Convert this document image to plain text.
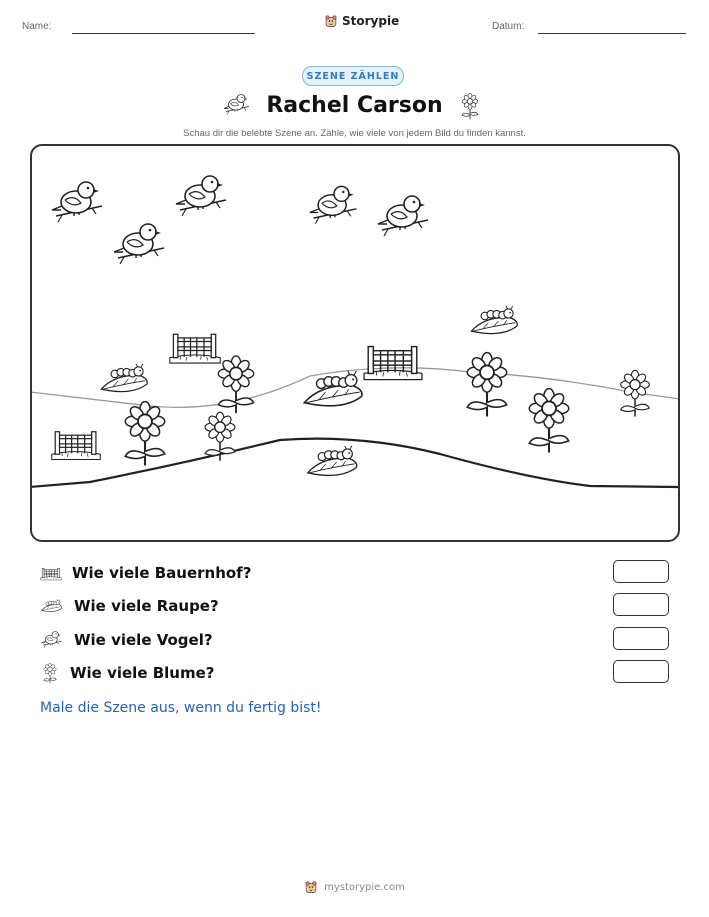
Name:	Storypie	Datum:
SZENE ZÄHLEN
Rachel Carson
Schau dir die belebte Szene an. Zähle, wie viele von jedem Bild du finden kannst.
Wie viele Bauernhof?
Wie viele Raupe?
Wie viele Vogel?
Wie viele Blume?
Male die Szene aus, wenn du fertig bist!
mystorypie.com
